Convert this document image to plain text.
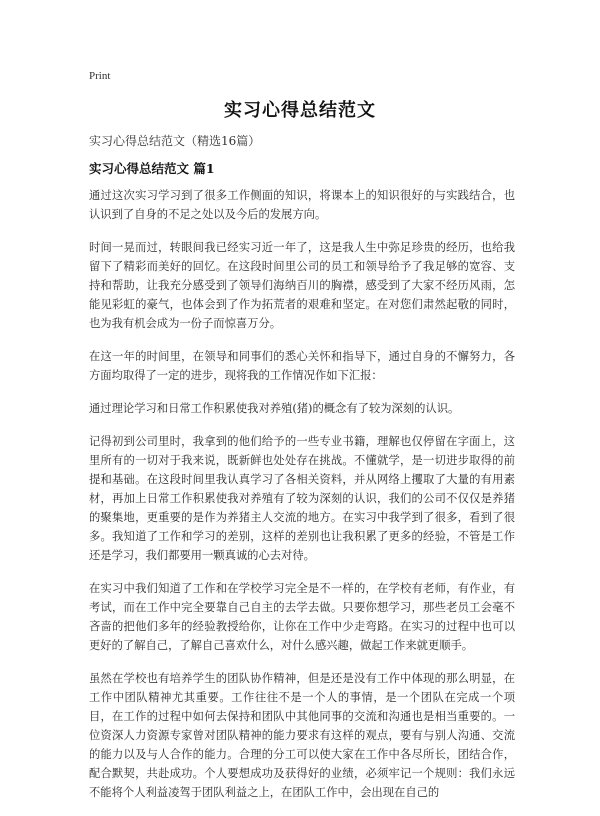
Print
实习心得总结范文
实习心得总结范文（精选16篇）
实习心得总结范文 篇1

通过这次实习学习到了很多工作侧面的知识，将课本上的知识很好的与实践结合，也认识到了自身的不足之处以及今后的发展方向。

时间一晃而过，转眼间我已经实习近一年了，这是我人生中弥足珍贵的经历，也给我留下了精彩而美好的回忆。在这段时间里公司的员工和领导给予了我足够的宽容、支持和帮助，让我充分感受到了领导们海纳百川的胸襟，感受到了大家不经历风雨，怎能见彩虹的豪气，也体会到了作为拓荒者的艰难和坚定。在对您们肃然起敬的同时，也为我有机会成为一份子而惊喜万分。

在这一年的时间里，在领导和同事们的悉心关怀和指导下，通过自身的不懈努力，各方面均取得了一定的进步，现将我的工作情况作如下汇报：

通过理论学习和日常工作积累使我对养殖(猪)的概念有了较为深刻的认识。

记得初到公司里时，我拿到的他们给予的一些专业书籍，理解也仅停留在字面上，这里所有的一切对于我来说，既新鲜也处处存在挑战。不懂就学，是一切进步取得的前提和基础。在这段时间里我认真学习了各相关资料，并从网络上攫取了大量的有用素材，再加上日常工作积累使我对养殖有了较为深刻的认识，我们的公司不仅仅是养猪的聚集地，更重要的是作为养猪主人交流的地方。在实习中我学到了很多，看到了很多。我知道了工作和学习的差别，这样的差别也让我积累了更多的经验，不管是工作还是学习，我们都要用一颗真诚的心去对待。

在实习中我们知道了工作和在学校学习完全是不一样的，在学校有老师，有作业，有考试，而在工作中完全要靠自己自主的去学去做。只要你想学习，那些老员工会毫不吝啬的把他们多年的经验教授给你，让你在工作中少走弯路。在实习的过程中也可以更好的了解自己，了解自己喜欢什么，对什么感兴趣，做起工作来就更顺手。

虽然在学校也有培养学生的团队协作精神，但是还是没有工作中体现的那么明显，在工作中团队精神尤其重要。工作往往不是一个人的事情，是一个团队在完成一个项目，在工作的过程中如何去保持和团队中其他同事的交流和沟通也是相当重要的。一位资深人力资源专家曾对团队精神的能力要求有这样的观点，要有与别人沟通、交流的能力以及与人合作的能力。合理的分工可以使大家在工作中各尽所长，团结合作，配合默契，共赴成功。个人要想成功及获得好的业绩，必须牢记一个规则：我们永远不能将个人利益凌驾于团队利益之上，在团队工作中，会出现在自己的
